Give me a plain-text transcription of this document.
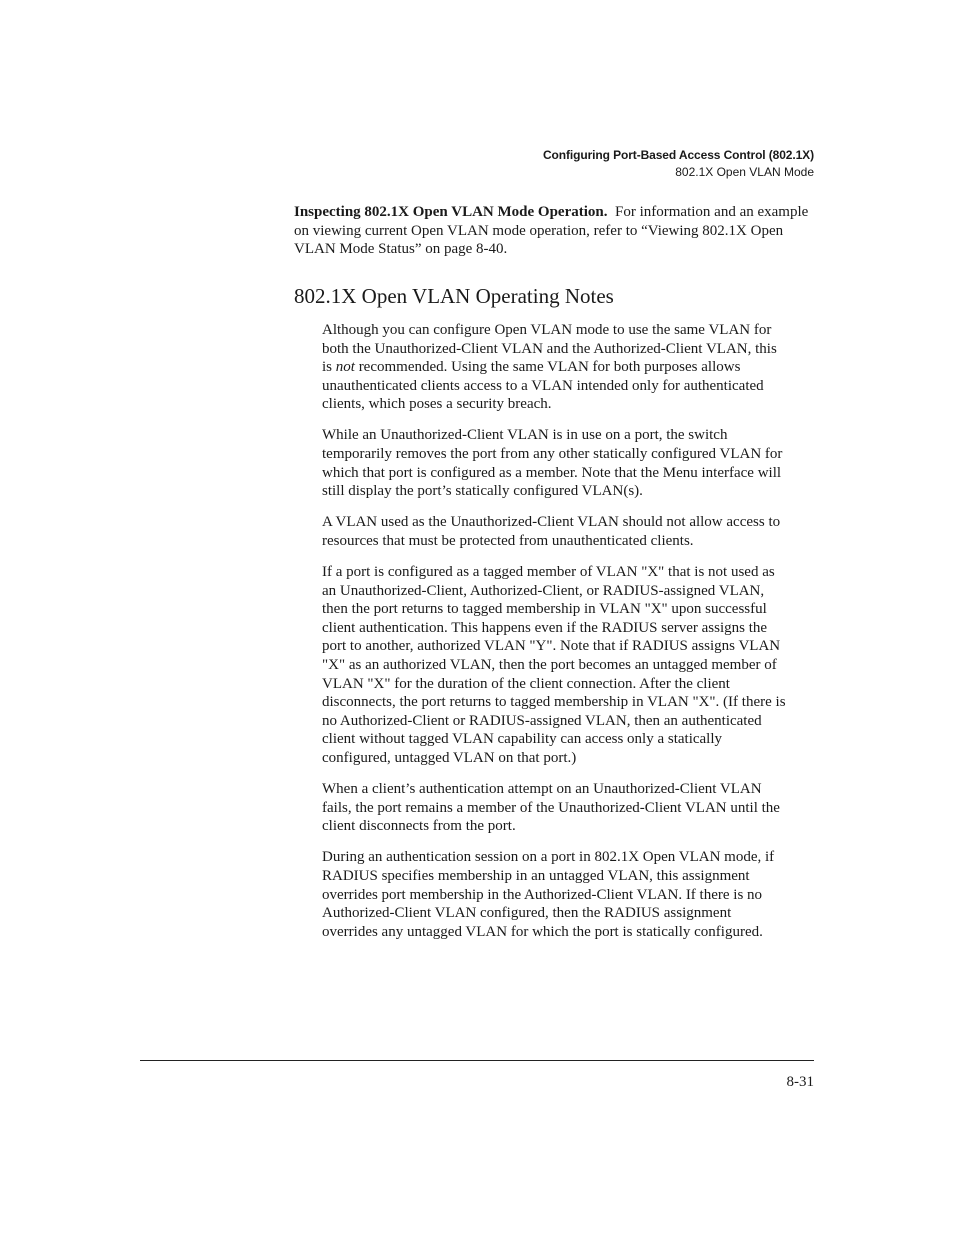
Configuring Port-Based Access Control (802.1X)
802.1X Open VLAN Mode

Inspecting 802.1X Open VLAN Mode Operation. For information and an example on viewing current Open VLAN mode operation, refer to “Viewing 802.1X Open VLAN Mode Status” on page 8-40.

802.1X Open VLAN Operating Notes

Although you can configure Open VLAN mode to use the same VLAN for both the Unauthorized-Client VLAN and the Authorized-Client VLAN, this is not recommended. Using the same VLAN for both purposes allows unauthenticated clients access to a VLAN intended only for authenticated clients, which poses a security breach.

While an Unauthorized-Client VLAN is in use on a port, the switch temporarily removes the port from any other statically configured VLAN for which that port is configured as a member. Note that the Menu interface will still display the port’s statically configured VLAN(s).

A VLAN used as the Unauthorized-Client VLAN should not allow access to resources that must be protected from unauthenticated clients.

If a port is configured as a tagged member of VLAN "X" that is not used as an Unauthorized-Client, Authorized-Client, or RADIUS-assigned VLAN, then the port returns to tagged membership in VLAN "X" upon successful client authentication. This happens even if the RADIUS server assigns the port to another, authorized VLAN "Y". Note that if RADIUS assigns VLAN "X" as an authorized VLAN, then the port becomes an untagged member of VLAN "X" for the duration of the client connection. After the client disconnects, the port returns to tagged membership in VLAN "X". (If there is no Authorized-Client or RADIUS-assigned VLAN, then an authenticated client without tagged VLAN capability can access only a statically configured, untagged VLAN on that port.)

When a client’s authentication attempt on an Unauthorized-Client VLAN fails, the port remains a member of the Unauthorized-Client VLAN until the client disconnects from the port.

During an authentication session on a port in 802.1X Open VLAN mode, if RADIUS specifies membership in an untagged VLAN, this assignment overrides port membership in the Authorized-Client VLAN. If there is no Authorized-Client VLAN configured, then the RADIUS assignment overrides any untagged VLAN for which the port is statically configured.

8-31
